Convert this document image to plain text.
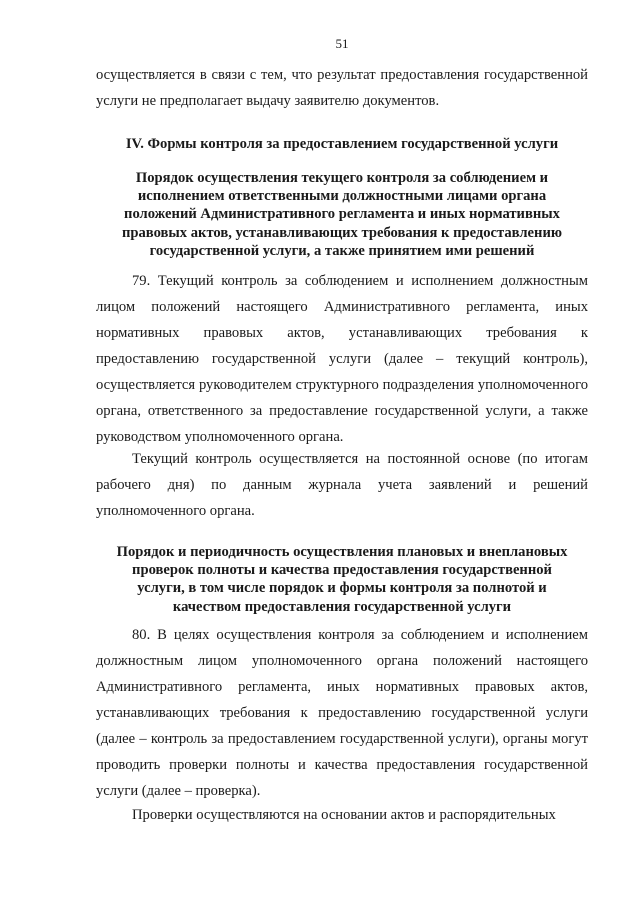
51

осуществляется в связи с тем, что результат предоставления государственной услуги не предполагает выдачу заявителю документов.

IV. Формы контроля за предоставлением государственной услуги

Порядок осуществления текущего контроля за соблюдением и исполнением ответственными должностными лицами органа положений Административного регламента и иных нормативных правовых актов, устанавливающих требования к предоставлению государственной услуги, а также принятием ими решений

79. Текущий контроль за соблюдением и исполнением должностным лицом положений настоящего Административного регламента, иных нормативных правовых актов, устанавливающих требования к предоставлению государственной услуги (далее – текущий контроль), осуществляется руководителем структурного подразделения уполномоченного органа, ответственного за предоставление государственной услуги, а также руководством уполномоченного органа.

Текущий контроль осуществляется на постоянной основе (по итогам рабочего дня) по данным журнала учета заявлений и решений уполномоченного органа.

Порядок и периодичность осуществления плановых и внеплановых проверок полноты и качества предоставления государственной услуги, в том числе порядок и формы контроля за полнотой и качеством предоставления государственной услуги

80. В целях осуществления контроля за соблюдением и исполнением должностным лицом уполномоченного органа положений настоящего Административного регламента, иных нормативных правовых актов, устанавливающих требования к предоставлению государственной услуги (далее – контроль за предоставлением государственной услуги), органы могут проводить проверки полноты и качества предоставления государственной услуги (далее – проверка).

Проверки осуществляются на основании актов и распорядительных
